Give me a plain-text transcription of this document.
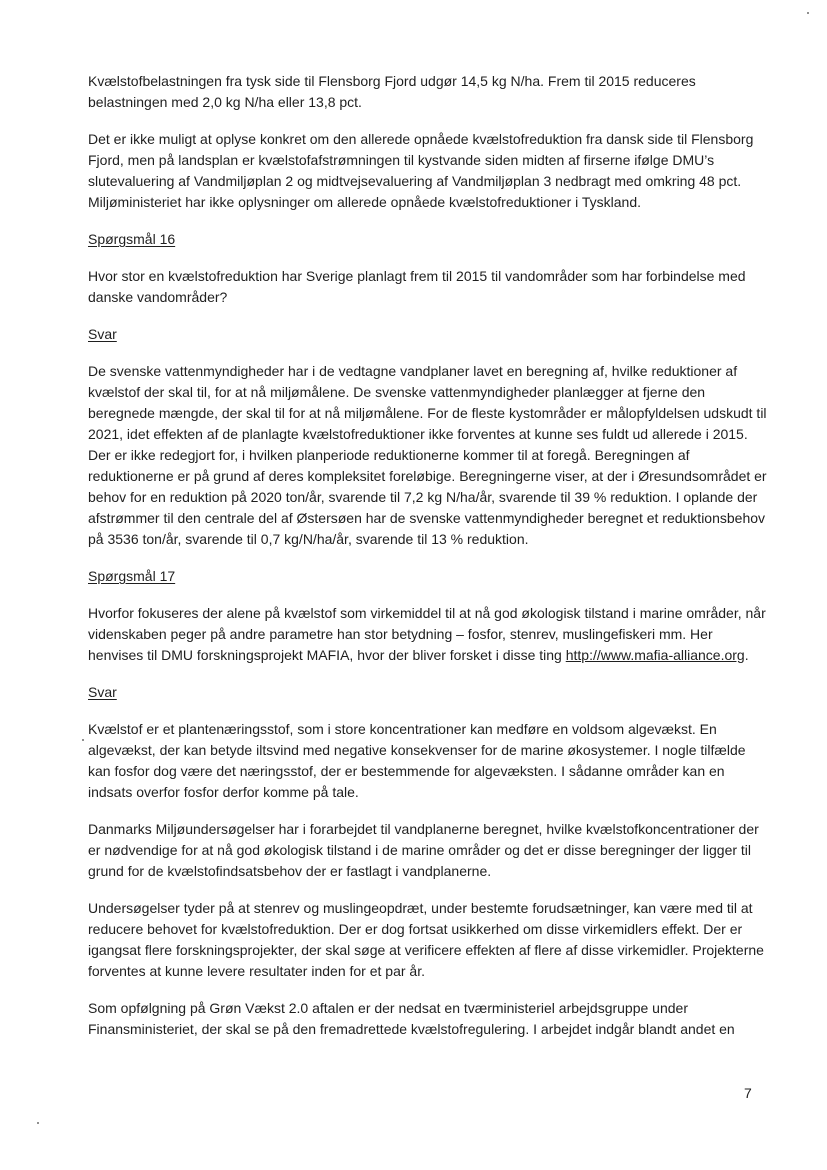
Kvælstofbelastningen fra tysk side til Flensborg Fjord udgør 14,5 kg N/ha. Frem til 2015 reduceres belastningen med 2,0 kg N/ha eller 13,8 pct.

Det er ikke muligt at oplyse konkret om den allerede opnåede kvælstofreduktion fra dansk side til Flensborg Fjord, men på landsplan er kvælstofafstrømningen til kystvande siden midten af firserne ifølge DMU’s slutevaluering af Vandmiljøplan 2 og midtvejsevaluering af Vandmiljøplan 3 nedbragt med omkring 48 pct. Miljøministeriet har ikke oplysninger om allerede opnåede kvælstofreduktioner i Tyskland.

Spørgsmål 16

Hvor stor en kvælstofreduktion har Sverige planlagt frem til 2015 til vandområder som har forbindelse med danske vandområder?

Svar

De svenske vattenmyndigheder har i de vedtagne vandplaner lavet en beregning af, hvilke reduktioner af kvælstof der skal til, for at nå miljømålene. De svenske vattenmyndigheder planlægger at fjerne den beregnede mængde, der skal til for at nå miljømålene. For de fleste kystområder er målopfyldelsen udskudt til 2021, idet effekten af de planlagte kvælstofreduktioner ikke forventes at kunne ses fuldt ud allerede i 2015. Der er ikke redegjort for, i hvilken planperiode reduktionerne kommer til at foregå. Beregningen af reduktionerne er på grund af deres kompleksitet foreløbige. Beregningerne viser, at der i Øresundsområdet er behov for en reduktion på 2020 ton/år, svarende til 7,2 kg N/ha/år, svarende til 39 % reduktion. I oplande der afstrømmer til den centrale del af Østersøen har de svenske vattenmyndigheder beregnet et reduktionsbehov på 3536 ton/år, svarende til 0,7 kg/N/ha/år, svarende til 13 % reduktion.

Spørgsmål 17

Hvorfor fokuseres der alene på kvælstof som virkemiddel til at nå god økologisk tilstand i marine områder, når videnskaben peger på andre parametre han stor betydning – fosfor, stenrev, muslingefiskeri mm. Her henvises til DMU forskningsprojekt MAFIA, hvor der bliver forsket i disse ting http://www.mafia-alliance.org.

Svar

Kvælstof er et plantenæringsstof, som i store koncentrationer kan medføre en voldsom algevækst. En algevækst, der kan betyde iltsvind med negative konsekvenser for de marine økosystemer. I nogle tilfælde kan fosfor dog være det næringsstof, der er bestemmende for algevæksten. I sådanne områder kan en indsats overfor fosfor derfor komme på tale.

Danmarks Miljøundersøgelser har i forarbejdet til vandplanerne beregnet, hvilke kvælstofkoncentrationer der er nødvendige for at nå god økologisk tilstand i de marine områder og det er disse beregninger der ligger til grund for de kvælstofindsatsbehov der er fastlagt i vandplanerne.

Undersøgelser tyder på at stenrev og muslingeopdræt, under bestemte forudsætninger, kan være med til at reducere behovet for kvælstofreduktion. Der er dog fortsat usikkerhed om disse virkemidlers effekt. Der er igangsat flere forskningsprojekter, der skal søge at verificere effekten af flere af disse virkemidler. Projekterne forventes at kunne levere resultater inden for et par år.

Som opfølgning på Grøn Vækst 2.0 aftalen er der nedsat en tværministeriel arbejdsgruppe under Finansministeriet, der skal se på den fremadrettede kvælstofregulering. I arbejdet indgår blandt andet en

7
